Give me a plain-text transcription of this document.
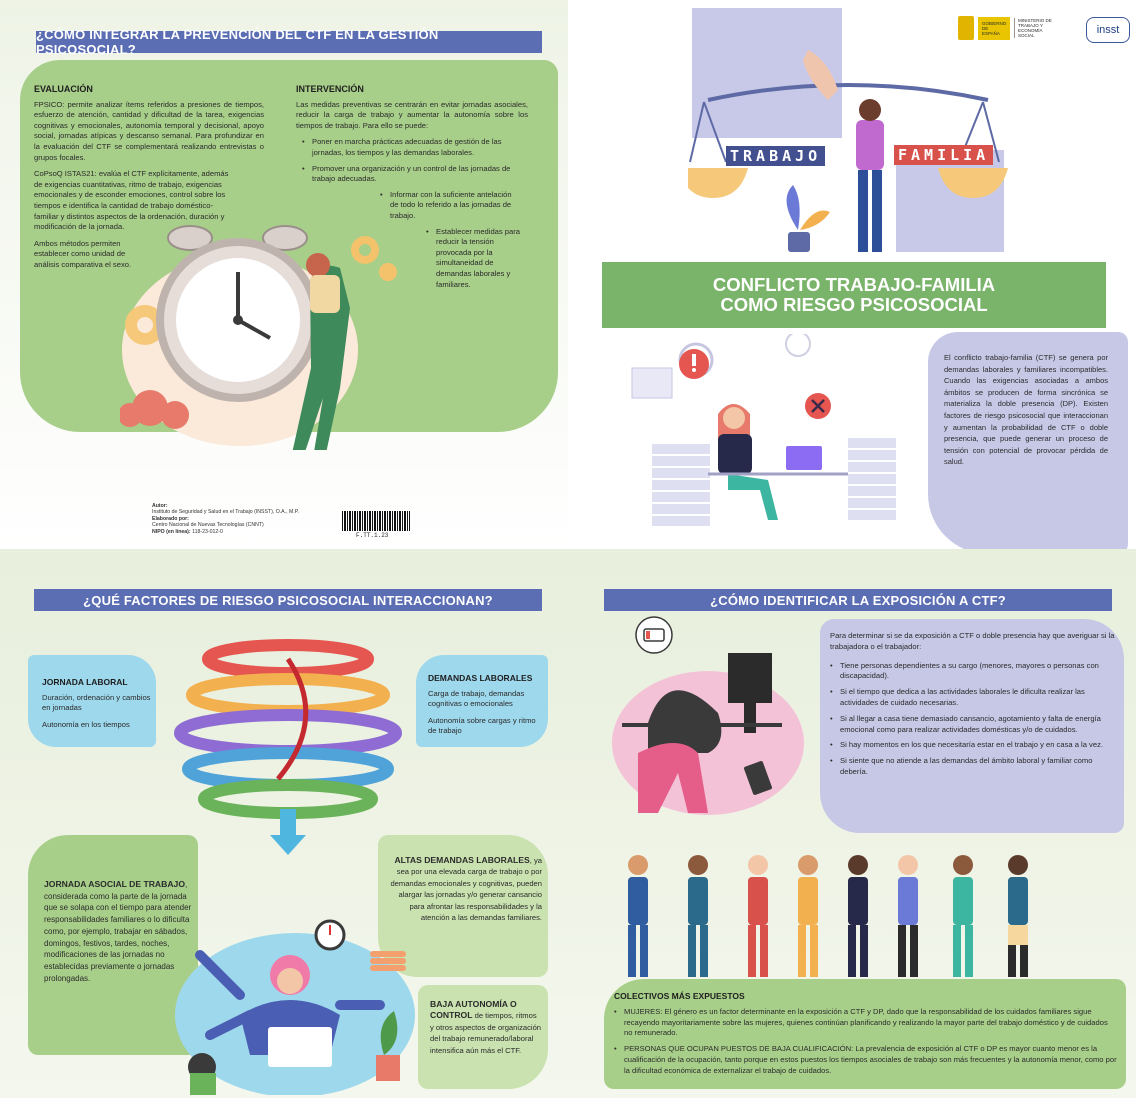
¿CÓMO INTEGRAR LA PREVENCIÓN DEL CTF EN LA GESTIÓN PSICOSOCIAL?
EVALUACIÓN

FPSICO: permite analizar ítems referidos a presiones de tiempos, esfuerzo de atención, cantidad y dificultad de la tarea, exigencias cognitivas y emocionales, autonomía temporal y decisional, apoyo social, jornadas atípicas y descanso semanal. Para profundizar en la evaluación del CTF se complementará realizando entrevistas o grupos focales.

CoPsoQ ISTAS21: evalúa el CTF explícitamente, además de exigencias cuantitativas, ritmo de trabajo, exigencias emocionales y de esconder emociones, control sobre los tiempos e identifica la cantidad de trabajo doméstico-familiar y distintos aspectos de la ordenación, duración y modificación de la jornada.

Ambos métodos permiten establecer como unidad de análisis comparativa el sexo.

INTERVENCIÓN

Las medidas preventivas se centrarán en evitar jornadas asociales, reducir la carga de trabajo y aumentar la autonomía sobre los tiempos de trabajo. Para ello se puede:

• Poner en marcha prácticas adecuadas de gestión de las jornadas, los tiempos y las demandas laborales.
• Promover una organización y un control de las jornadas de trabajo adecuadas.
• Informar con la suficiente antelación de todo lo referido a las jornadas de trabajo.
• Establecer medidas para reducir la tensión provocada por la simultaneidad de demandas laborales y familiares.
Autor:
Instituto de Seguridad y Salud en el Trabajo (INSST), O.A., M.P.
Elaborado por:
Centro Nacional de Nuevas Tecnologías (CNNT)
NIPO (en línea): 118-23-012-0
F.TT.1.23
GOBIERNO DE ESPAÑA
MINISTERIO DE TRABAJO Y ECONOMÍA SOCIAL	insst
TRABAJO	FAMILIA
CONFLICTO TRABAJO-FAMILIA
COMO RIESGO PSICOSOCIAL

El conflicto trabajo-familia (CTF) se genera por demandas laborales y familiares incompatibles. Cuando las exigencias asociadas a ambos ámbitos se producen de forma sincrónica se materializa la doble presencia (DP). Existen factores de riesgo psicosocial que interaccionan y aumentan la probabilidad de CTF o doble presencia, que puede generar un proceso de tensión con potencial de provocar pérdida de salud.

¿QUÉ FACTORES DE RIESGO PSICOSOCIAL INTERACCIONAN?
JORNADA LABORAL

Duración, ordenación y cambios en jornadas

Autonomía en los tiempos

DEMANDAS LABORALES

Carga de trabajo, demandas cognitivas o emocionales

Autonomía sobre cargas y ritmo de trabajo

JORNADA ASOCIAL DE TRABAJO, considerada como la parte de la jornada que se solapa con el tiempo para atender responsabilidades familiares o lo dificulta como, por ejemplo, trabajar en sábados, domingos, festivos, tardes, noches, modificaciones de las jornadas no establecidas previamente o jornadas prolongadas.

ALTAS DEMANDAS LABORALES, ya sea por una elevada carga de trabajo o por demandas emocionales y cognitivas, pueden alargar las jornadas y/o generar cansancio para afrontar las responsabilidades y la atención a las demandas familiares.

BAJA AUTONOMÍA O CONTROL de tiempos, ritmos y otros aspectos de organización del trabajo remunerado/laboral intensifica aún más el CTF.

¿CÓMO IDENTIFICAR LA EXPOSICIÓN A CTF?

Para determinar si se da exposición a CTF o doble presencia hay que averiguar si la trabajadora o el trabajador:

• Tiene personas dependientes a su cargo (menores, mayores o personas con discapacidad).
• Si el tiempo que dedica a las actividades laborales le dificulta realizar las actividades de cuidado necesarias.
• Si al llegar a casa tiene demasiado cansancio, agotamiento y falta de energía emocional como para realizar actividades domésticas y/o de cuidados.
• Si hay momentos en los que necesitaría estar en el trabajo y en casa a la vez.
• Si siente que no atiende a las demandas del ámbito laboral y familiar como debería.
COLECTIVOS MÁS EXPUESTOS
• MUJERES: El género es un factor determinante en la exposición a CTF y DP, dado que la responsabilidad de los cuidados familiares sigue recayendo mayoritariamente sobre las mujeres, quienes continúan planificando y realizando la mayor parte del trabajo doméstico y de cuidados no remunerado.
• PERSONAS QUE OCUPAN PUESTOS DE BAJA CUALIFICACIÓN: La prevalencia de exposición al CTF o DP es mayor cuanto menor es la cualificación de la ocupación, tanto porque en estos puestos los tiempos asociales de trabajo son más frecuentes y la autonomía menor, como por la dificultad económica de externalizar el trabajo de cuidados.
